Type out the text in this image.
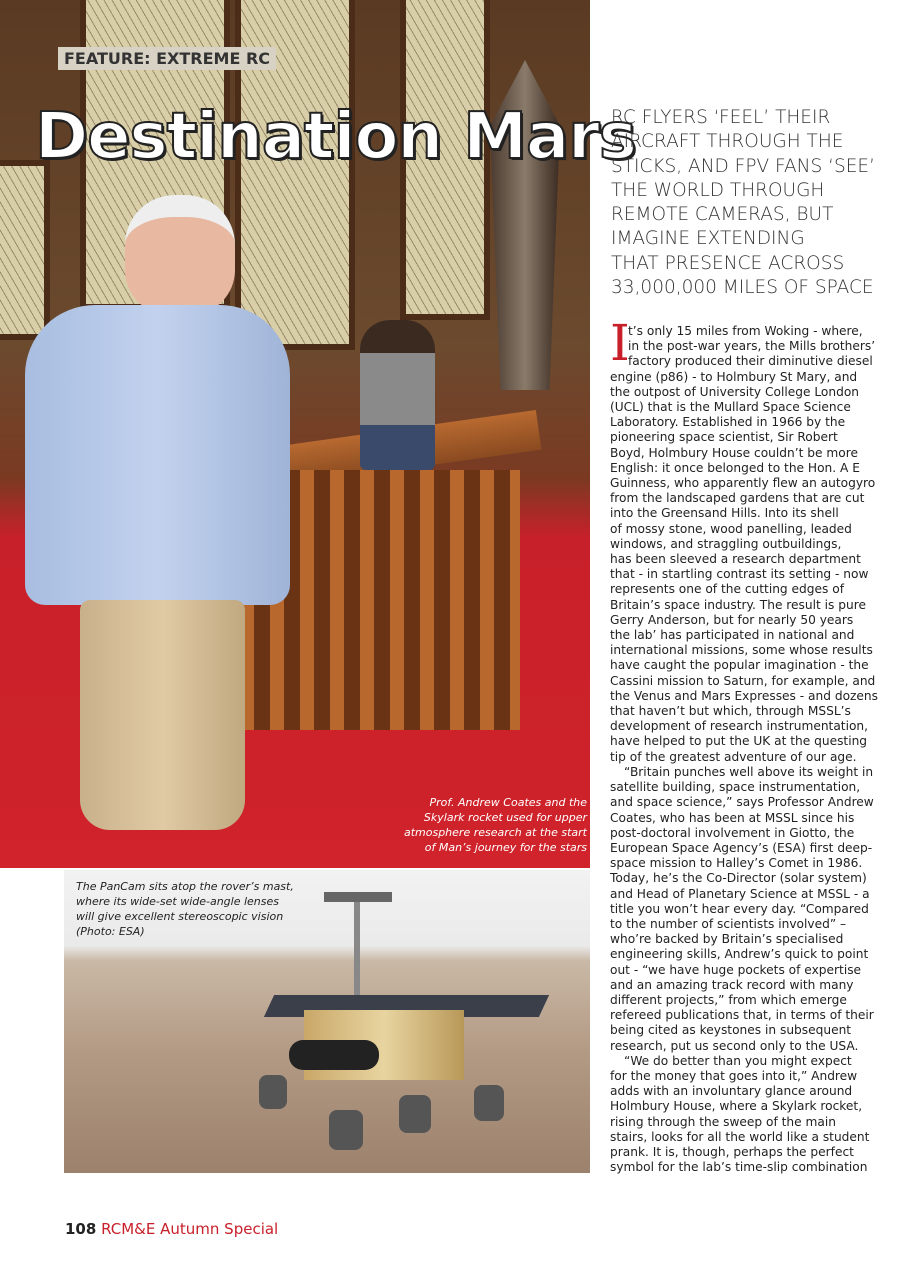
FEATURE: EXTREME RC
Destination Mars
Prof. Andrew Coates and the
Skylark rocket used for upper
atmosphere research at the start
of Man’s journey for the stars
The PanCam sits atop the rover’s mast,
where its wide-set wide-angle lenses
will give excellent stereoscopic vision
(Photo: ESA)
RC FLYERS ‘FEEL’ THEIR
AIRCRAFT THROUGH THE
STICKS, AND FPV FANS ‘SEE’
THE WORLD THROUGH
REMOTE CAMERAS, BUT
IMAGINE EXTENDING
THAT PRESENCE ACROSS
33,000,000 MILES OF SPACE
I
t’s only 15 miles from Woking - where,
in the post-war years, the Mills brothers’
factory produced their diminutive diesel
engine (p86) - to Holmbury St Mary, and
the outpost of University College London
(UCL) that is the Mullard Space Science
Laboratory. Established in 1966 by the
pioneering space scientist, Sir Robert
Boyd, Holmbury House couldn’t be more
English: it once belonged to the Hon. A E
Guinness, who apparently flew an autogyro
from the landscaped gardens that are cut
into the Greensand Hills. Into its shell
of mossy stone, wood panelling, leaded
windows, and straggling outbuildings,
has been sleeved a research department
that - in startling contrast its setting - now
represents one of the cutting edges of
Britain’s space industry. The result is pure
Gerry Anderson, but for nearly 50 years
the lab’ has participated in national and
international missions, some whose results
have caught the popular imagination - the
Cassini mission to Saturn, for example, and
the Venus and Mars Expresses - and dozens
that haven’t but which, through MSSL’s
development of research instrumentation,
have helped to put the UK at the questing
tip of the greatest adventure of our age.
“Britain punches well above its weight in
satellite building, space instrumentation,
and space science,” says Professor Andrew
Coates, who has been at MSSL since his
post-doctoral involvement in Giotto, the
European Space Agency’s (ESA) first deep-
space mission to Halley’s Comet in 1986.
Today, he’s the Co-Director (solar system)
and Head of Planetary Science at MSSL - a
title you won’t hear every day. “Compared
to the number of scientists involved” –
who’re backed by Britain’s specialised
engineering skills, Andrew’s quick to point
out - “we have huge pockets of expertise
and an amazing track record with many
different projects,” from which emerge
refereed publications that, in terms of their
being cited as keystones in subsequent
research, put us second only to the USA.
“We do better than you might expect
for the money that goes into it,” Andrew
adds with an involuntary glance around
Holmbury House, where a Skylark rocket,
rising through the sweep of the main
stairs, looks for all the world like a student
prank. It is, though, perhaps the perfect
symbol for the lab’s time-slip combination
108 RCM&E Autumn Special
